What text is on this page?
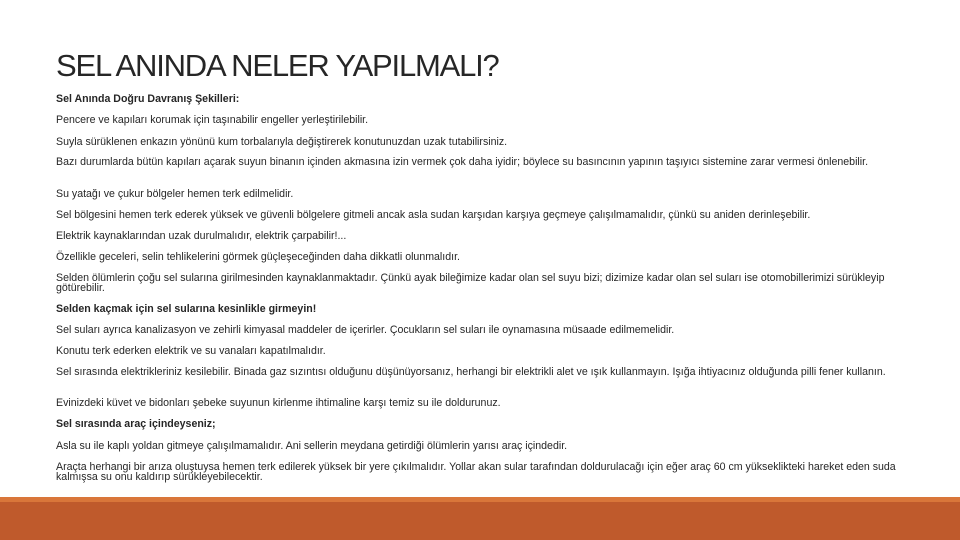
SEL ANINDA NELER YAPILMALI?

Sel Anında Doğru Davranış Şekilleri:

Pencere ve kapıları korumak için taşınabilir engeller yerleştirilebilir.

Suyla sürüklenen enkazın yönünü kum torbalarıyla değiştirerek konutunuzdan uzak tutabilirsiniz.

Bazı durumlarda bütün kapıları açarak suyun binanın içinden akmasına izin vermek çok daha iyidir; böylece su basıncının yapının taşıyıcı sistemine zarar vermesi önlenebilir.

Su yatağı ve çukur bölgeler hemen terk edilmelidir.

Sel bölgesini hemen terk ederek yüksek ve güvenli bölgelere gitmeli ancak asla sudan karşıdan karşıya geçmeye çalışılmamalıdır, çünkü su aniden derinleşebilir.

Elektrik kaynaklarından uzak durulmalıdır, elektrik çarpabilir!...

Özellikle geceleri, selin tehlikelerini görmek güçleşeceğinden daha dikkatli olunmalıdır.

Selden ölümlerin çoğu sel sularına girilmesinden kaynaklanmaktadır. Çünkü ayak bileğimize kadar olan sel suyu bizi; dizimize kadar olan sel suları ise otomobillerimizi sürükleyip götürebilir.

Selden kaçmak için sel sularına kesinlikle girmeyin!

Sel suları ayrıca kanalizasyon ve zehirli kimyasal maddeler de içerirler. Çocukların sel suları ile oynamasına müsaade edilmemelidir.

Konutu terk ederken elektrik ve su vanaları kapatılmalıdır.

Sel sırasında elektrikleriniz kesilebilir. Binada gaz sızıntısı olduğunu düşünüyorsanız, herhangi bir elektrikli alet ve ışık kullanmayın. Işığa ihtiyacınız olduğunda pilli fener kullanın.

Evinizdeki küvet ve bidonları şebeke suyunun kirlenme ihtimaline karşı temiz su ile doldurunuz.

Sel sırasında araç içindeyseniz;

Asla su ile kaplı yoldan gitmeye çalışılmamalıdır. Ani sellerin meydana getirdiği ölümlerin yarısı araç içindedir.

Araçta herhangi bir arıza oluştuysa hemen terk edilerek yüksek bir yere çıkılmalıdır. Yollar akan sular tarafından doldurulacağı için eğer araç 60 cm yükseklikteki hareket eden suda kalmışsa su onu kaldırıp sürükleyebilecektir.
